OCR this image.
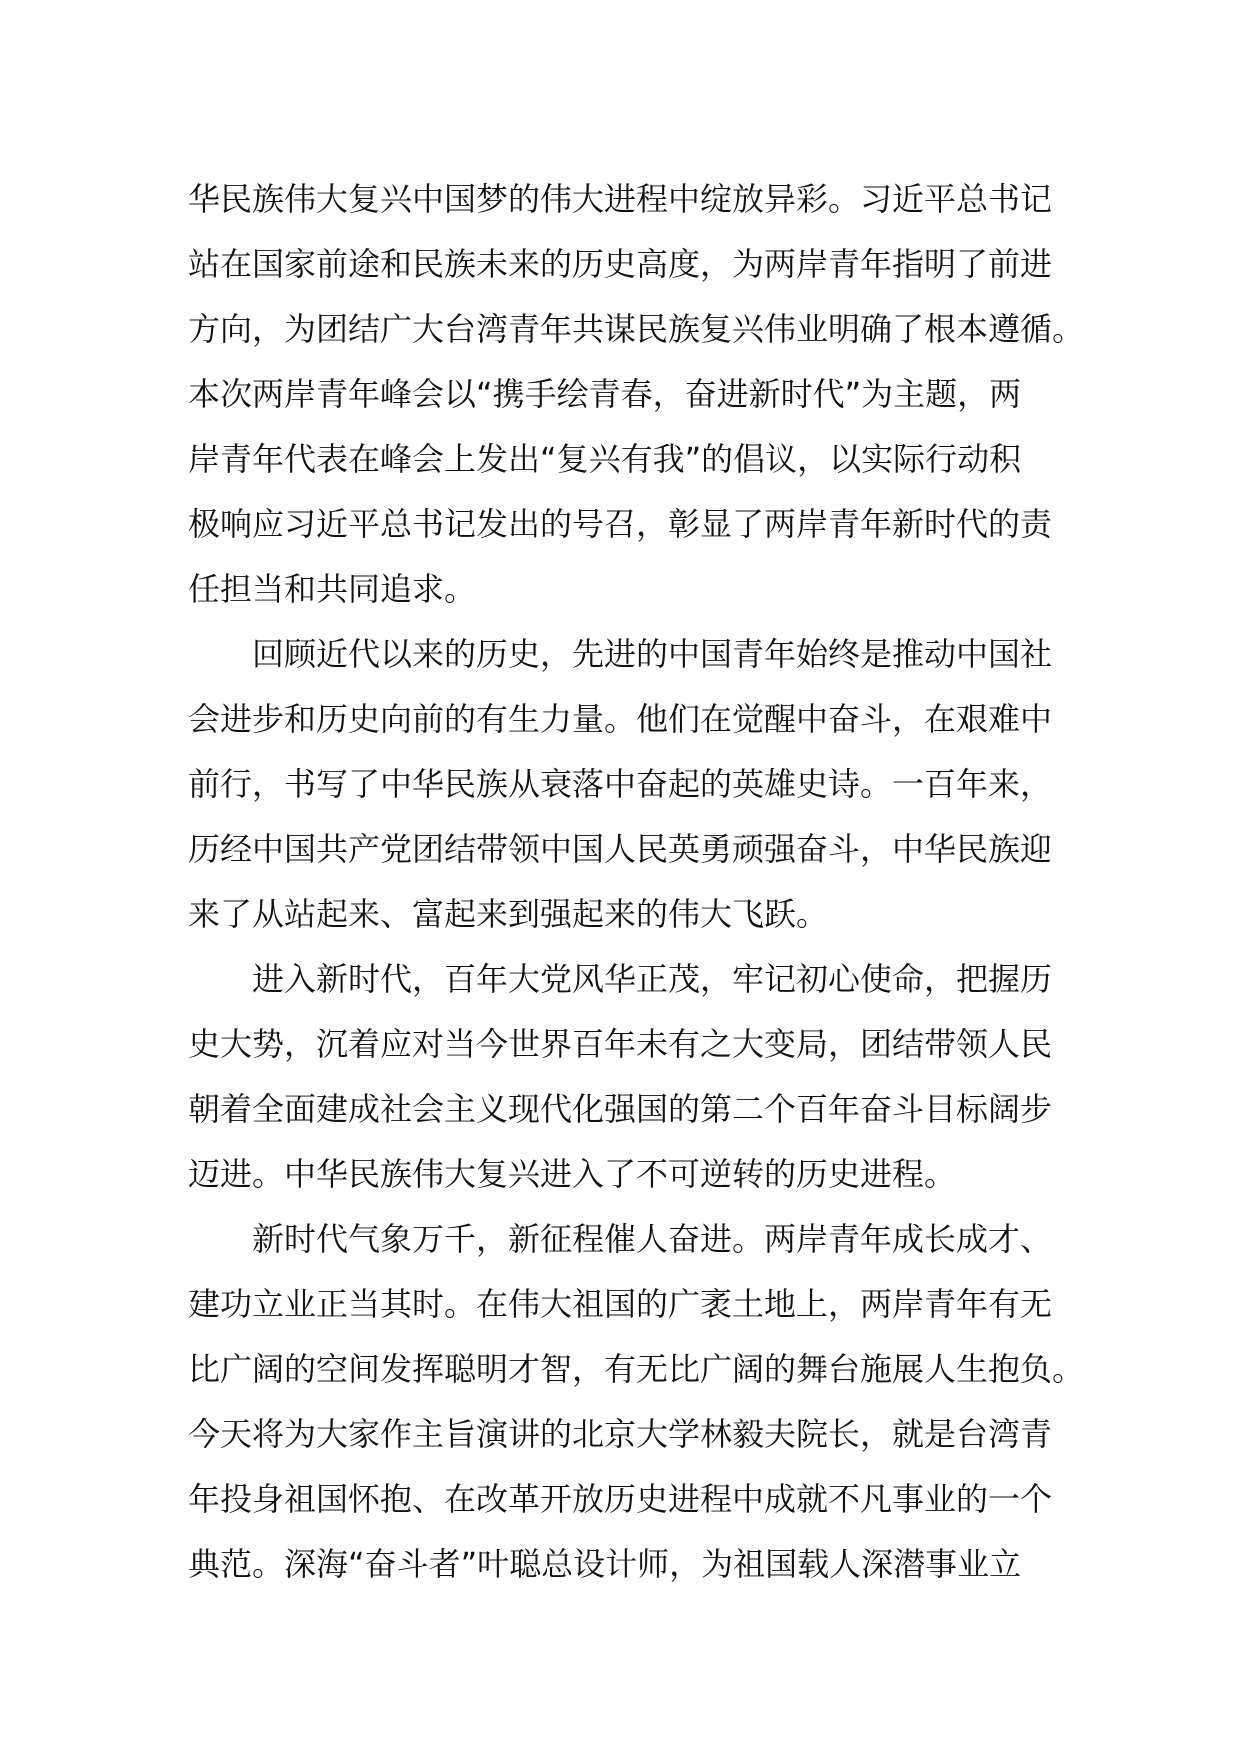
华民族伟大复兴中国梦的伟大进程中绽放异彩。习近平总书记
站在国家前途和民族未来的历史高度，为两岸青年指明了前进
方向，为团结广大台湾青年共谋民族复兴伟业明确了根本遵循。
本次两岸青年峰会以“携手绘青春，奋进新时代”为主题，两
岸青年代表在峰会上发出“复兴有我”的倡议，以实际行动积
极响应习近平总书记发出的号召，彰显了两岸青年新时代的责
任担当和共同追求。
回顾近代以来的历史，先进的中国青年始终是推动中国社
会进步和历史向前的有生力量。他们在觉醒中奋斗，在艰难中
前行，书写了中华民族从衰落中奋起的英雄史诗。一百年来，
历经中国共产党团结带领中国人民英勇顽强奋斗，中华民族迎
来了从站起来、富起来到强起来的伟大飞跃。
进入新时代，百年大党风华正茂，牢记初心使命，把握历
史大势，沉着应对当今世界百年未有之大变局，团结带领人民
朝着全面建成社会主义现代化强国的第二个百年奋斗目标阔步
迈进。中华民族伟大复兴进入了不可逆转的历史进程。
新时代气象万千，新征程催人奋进。两岸青年成长成才、
建功立业正当其时。在伟大祖国的广袤土地上，两岸青年有无
比广阔的空间发挥聪明才智，有无比广阔的舞台施展人生抱负。
今天将为大家作主旨演讲的北京大学林毅夫院长，就是台湾青
年投身祖国怀抱、在改革开放历史进程中成就不凡事业的一个
典范。深海“奋斗者”叶聪总设计师，为祖国载人深潜事业立
